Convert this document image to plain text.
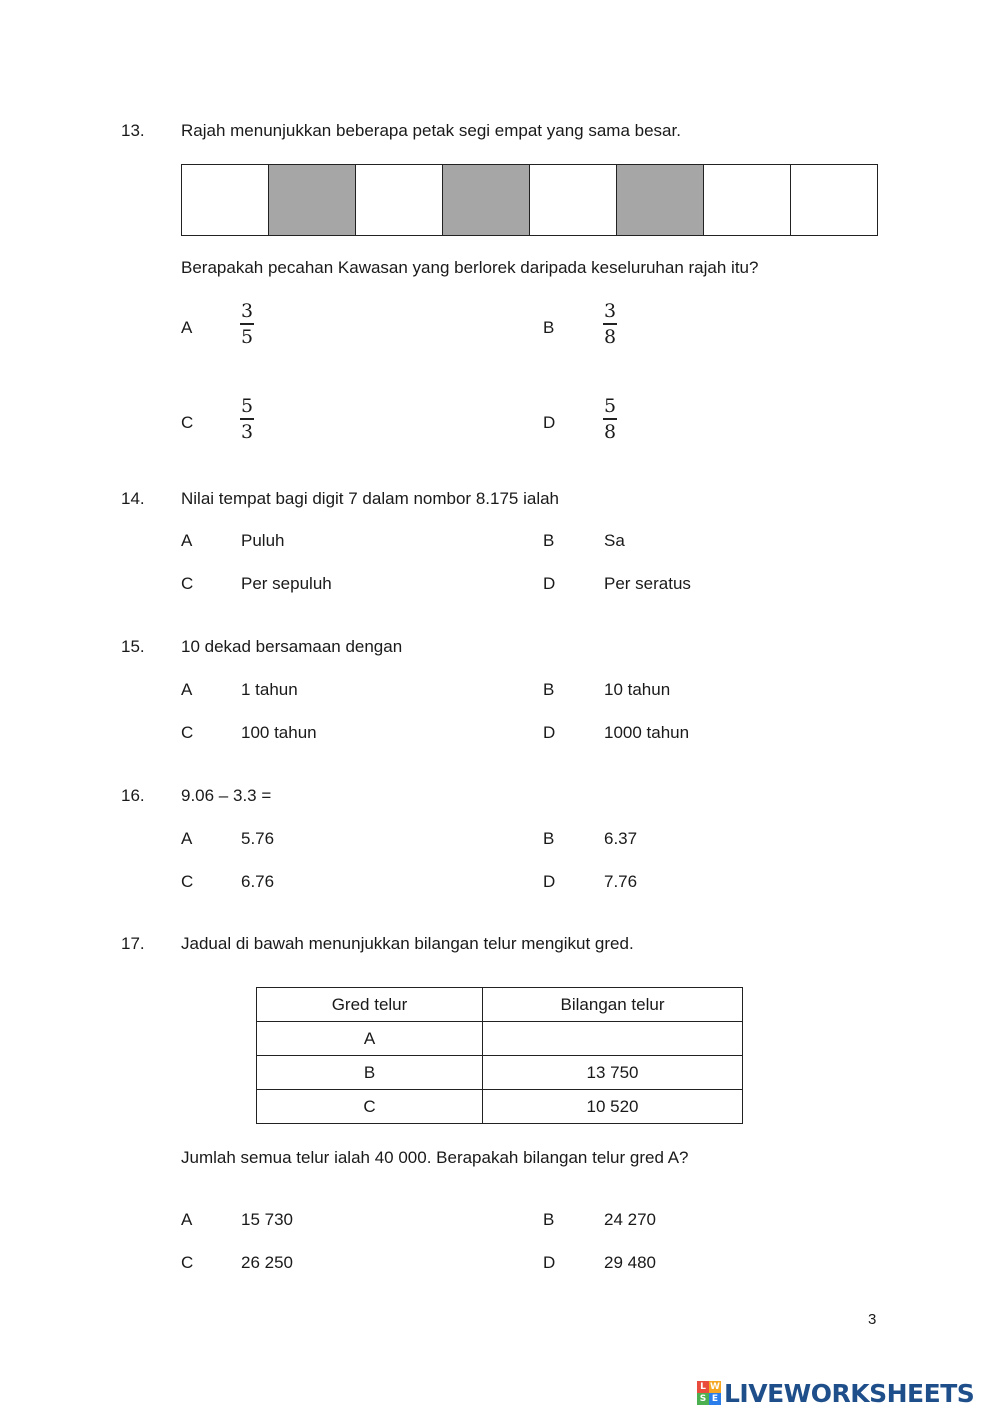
13. Rajah menunjukkan beberapa petak segi empat yang sama besar.
Berapakah pecahan Kawasan yang berlorek daripada keseluruhan rajah itu?
A
3
5	B
3
8
C
5
3	D
5
8
14. Nilai tempat bagi digit 7 dalam nombor 8.175 ialah
A	Puluh	B	Sa
C	Per sepuluh	D	Per seratus
15. 10 dekad bersamaan dengan
A	1 tahun	B	10 tahun
C	100 tahun	D	1000 tahun
16. 9.06 – 3.3 =
A	5.76	B	6.37
C	6.76	D	7.76
17. Jadual di bawah menunjukkan bilangan telur mengikut gred.
Gred telur	Bilangan telur
A	
B	13 750
C	10 520
Jumlah semua telur ialah 40 000. Berapakah bilangan telur gred A?
A	15 730	B	24 270
C	26 250	D	29 480
3
L W
S E LIVEWORKSHEETS
